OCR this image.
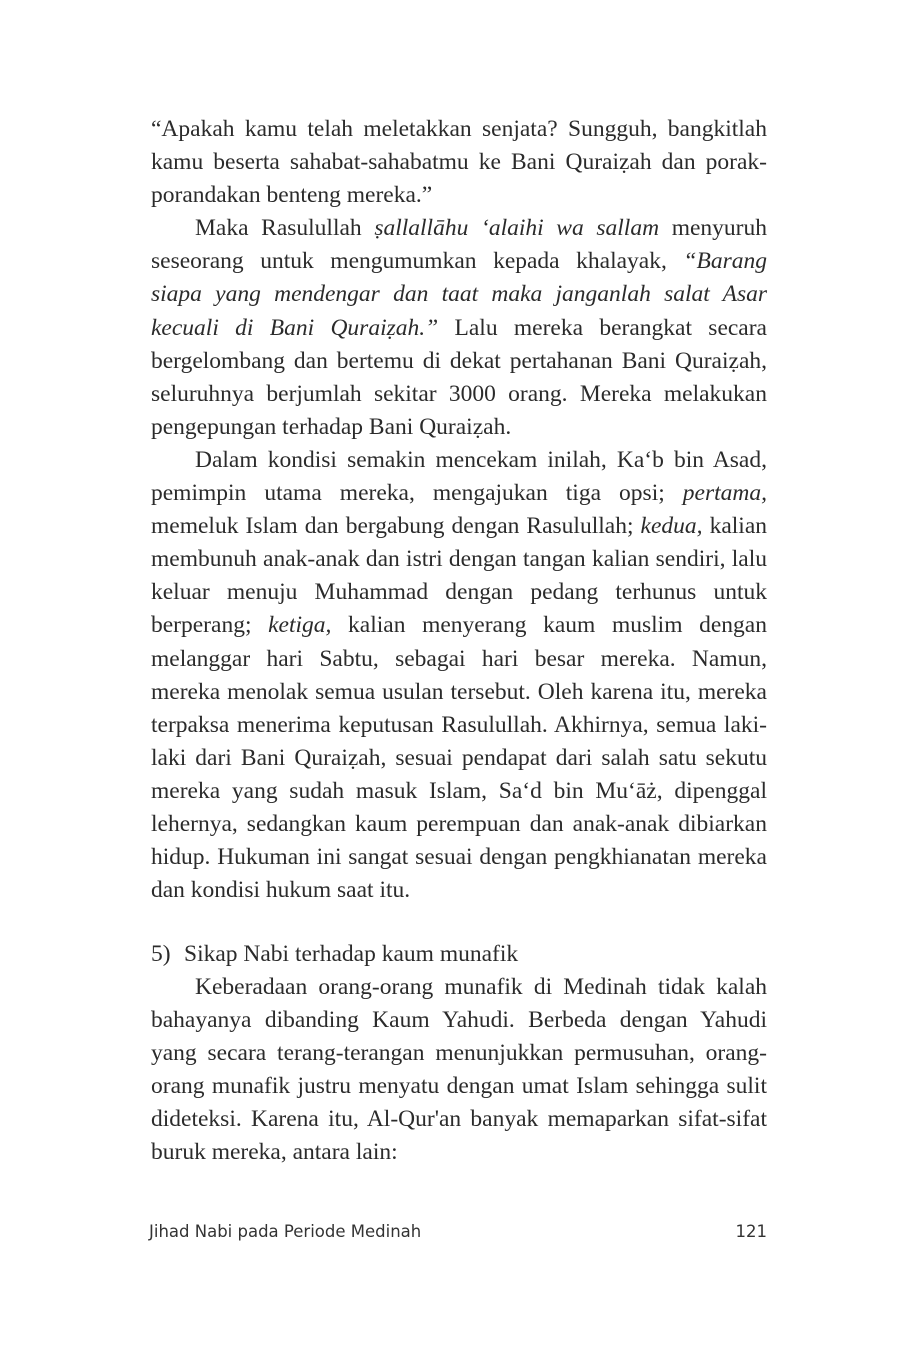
“Apakah kamu telah meletakkan senjata? Sungguh, bangkitlah kamu beserta sahabat-sahabatmu ke Bani Quraiẓah dan porak-porandakan benteng mereka.”

Maka Rasulullah ṣallallāhu ‘alaihi wa sallam menyuruh seseorang untuk mengumumkan kepada khalayak, “Barang siapa yang mendengar dan taat maka janganlah salat Asar kecuali di Bani Quraiẓah.” Lalu mereka berangkat secara bergelombang dan bertemu di dekat pertahanan Bani Quraiẓah, seluruhnya berjumlah sekitar 3000 orang. Mereka melakukan pengepungan terhadap Bani Quraiẓah.

Dalam kondisi semakin mencekam inilah, Ka‘b bin Asad, pemimpin utama mereka, mengajukan tiga opsi; pertama, memeluk Islam dan bergabung dengan Rasulullah; kedua, kalian membunuh anak-anak dan istri dengan tangan kalian sendiri, lalu keluar menuju Muhammad dengan pedang terhunus untuk berperang; ketiga, kalian menyerang kaum muslim dengan melanggar hari Sabtu, sebagai hari besar mereka. Namun, mereka menolak semua usulan tersebut. Oleh karena itu, mereka terpaksa menerima keputusan Rasulullah. Akhirnya, semua laki-laki dari Bani Quraiẓah, sesuai pendapat dari salah satu sekutu mereka yang sudah masuk Islam, Sa‘d bin Mu‘āż, dipenggal lehernya, sedangkan kaum perempuan dan anak-anak dibiarkan hidup. Hukuman ini sangat sesuai dengan pengkhianatan mereka dan kondisi hukum saat itu.

5) Sikap Nabi terhadap kaum munafik

Keberadaan orang-orang munafik di Medinah tidak kalah bahayanya dibanding Kaum Yahudi. Berbeda dengan Yahudi yang secara terang-terangan menunjukkan permusuhan, orang-orang munafik justru menyatu dengan umat Islam sehingga sulit dideteksi. Karena itu, Al-Qur'an banyak memaparkan sifat-sifat buruk mereka, antara lain:

Jihad Nabi pada Periode Medinah	121
